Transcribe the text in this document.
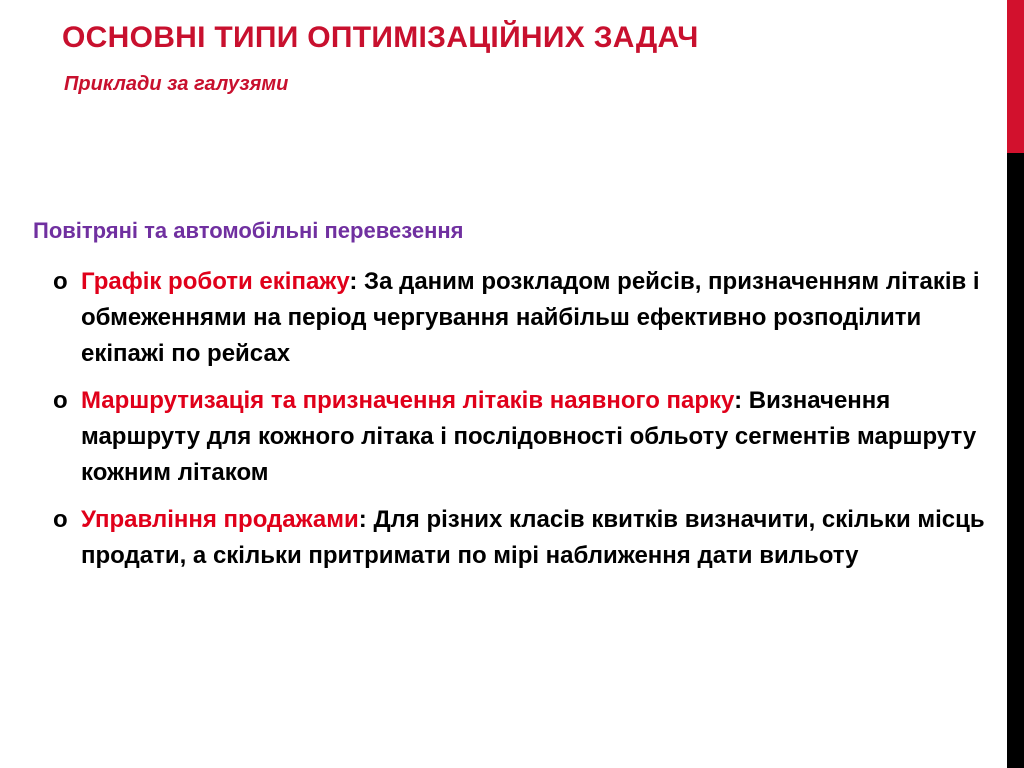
ОСНОВНІ ТИПИ ОПТИМІЗАЦІЙНИХ ЗАДАЧ

Приклади за галузями

Повітряні та автомобільні перевезення
o Графік роботи екіпажу: За даним розкладом рейсів, призначенням літаків і обмеженнями на період чергування найбільш ефективно розподілити екіпажі по рейсах
o Маршрутизація та призначення літаків наявного парку: Визначення маршруту для кожного літака і послідовності обльоту сегментів маршруту кожним літаком
o Управління продажами: Для різних класів квитків визначити, скільки місць продати, а скільки притримати по мірі наближення дати вильоту
